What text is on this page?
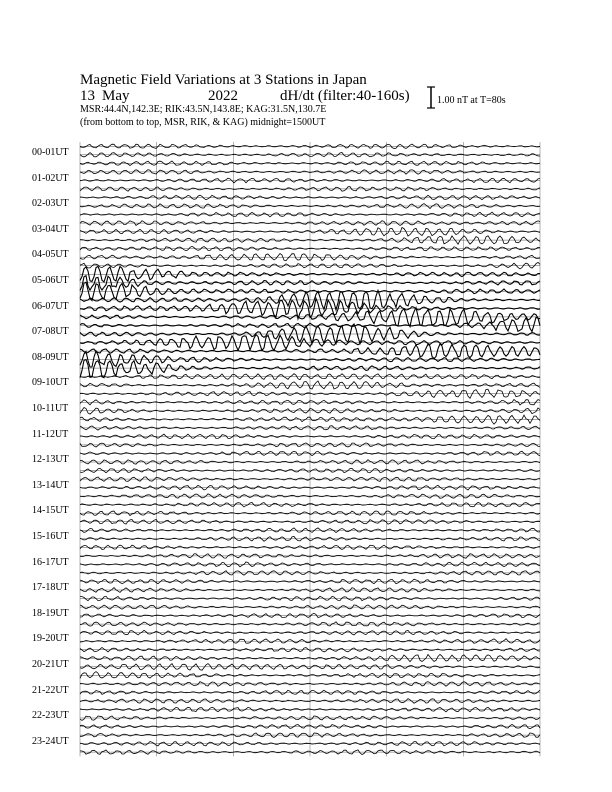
Magnetic Field Variations at 3 Stations in Japan
13 May	2022	dH/dt (filter:40-160s)
MSR:44.4N,142.3E; RIK:43.5N,143.8E; KAG:31.5N,130.7E
(from bottom to top, MSR, RIK, & KAG) midnight=1500UT
1.00 nT at T=80s
00-01UT
01-02UT
02-03UT
03-04UT
04-05UT
05-06UT
06-07UT
07-08UT
08-09UT
09-10UT
10-11UT
11-12UT
12-13UT
13-14UT
14-15UT
15-16UT
16-17UT
17-18UT
18-19UT
19-20UT
20-21UT
21-22UT
22-23UT
23-24UT
